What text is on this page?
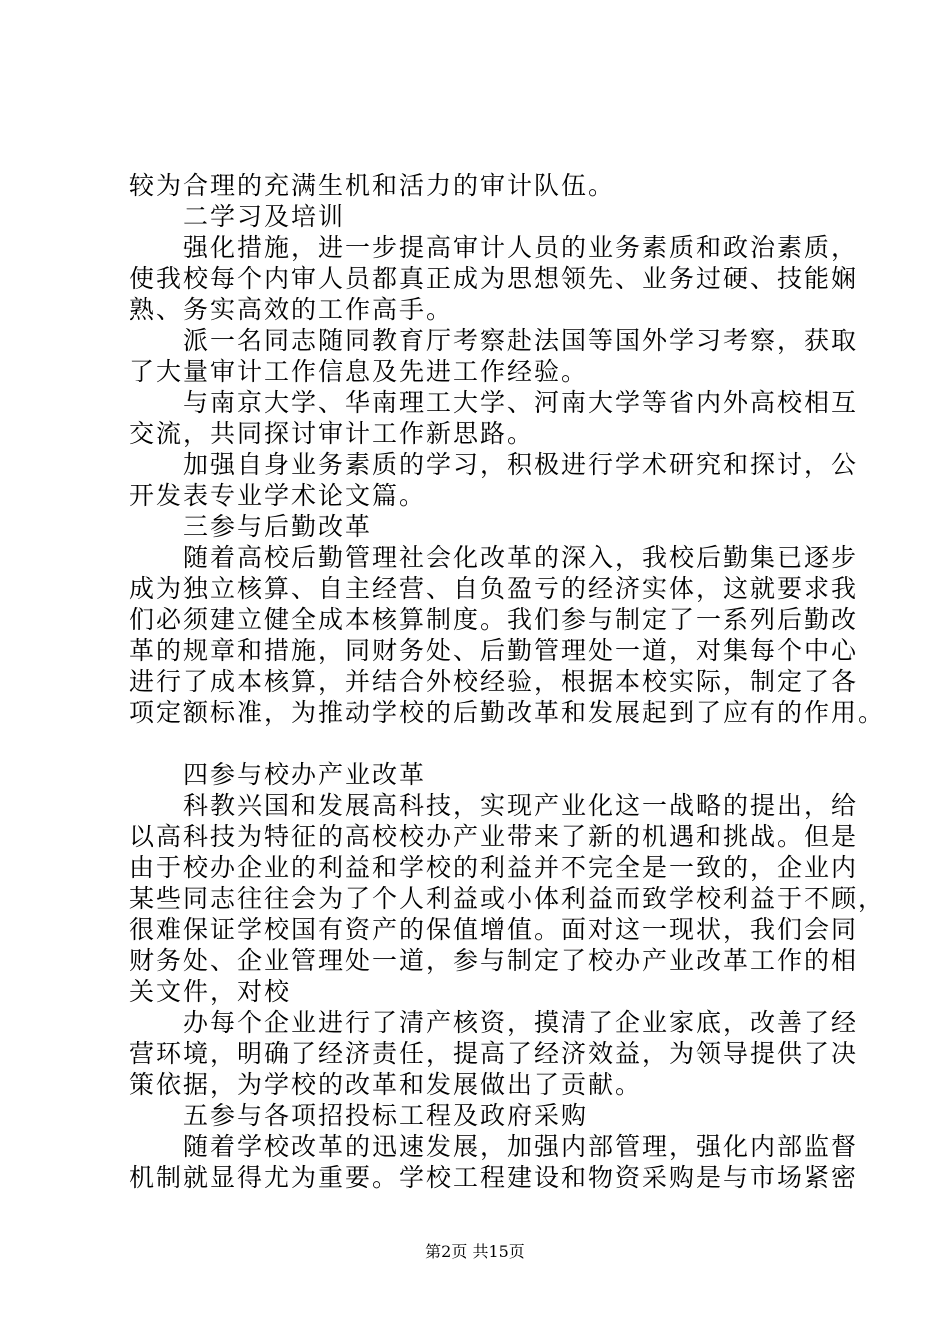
较为合理的充满生机和活力的审计队伍。
　　二学习及培训
　　强化措施，进一步提高审计人员的业务素质和政治素质，
使我校每个内审人员都真正成为思想领先、业务过硬、技能娴
熟、务实高效的工作高手。
　　派一名同志随同教育厅考察赴法国等国外学习考察，获取
了大量审计工作信息及先进工作经验。
　　与南京大学、华南理工大学、河南大学等省内外高校相互
交流，共同探讨审计工作新思路。
　　加强自身业务素质的学习，积极进行学术研究和探讨，公
开发表专业学术论文篇。
　　三参与后勤改革
　　随着高校后勤管理社会化改革的深入，我校后勤集已逐步
成为独立核算、自主经营、自负盈亏的经济实体，这就要求我
们必须建立健全成本核算制度。我们参与制定了一系列后勤改
革的规章和措施，同财务处、后勤管理处一道，对集每个中心
进行了成本核算，并结合外校经验，根据本校实际，制定了各
项定额标准，为推动学校的后勤改革和发展起到了应有的作用。
　　四参与校办产业改革
　　科教兴国和发展高科技，实现产业化这一战略的提出，给
以高科技为特征的高校校办产业带来了新的机遇和挑战。但是
由于校办企业的利益和学校的利益并不完全是一致的，企业内
某些同志往往会为了个人利益或小体利益而致学校利益于不顾，
很难保证学校国有资产的保值增值。面对这一现状，我们会同
财务处、企业管理处一道，参与制定了校办产业改革工作的相
关文件，对校
　　办每个企业进行了清产核资，摸清了企业家底，改善了经
营环境，明确了经济责任，提高了经济效益，为领导提供了决
策依据，为学校的改革和发展做出了贡献。
　　五参与各项招投标工程及政府采购
　　随着学校改革的迅速发展，加强内部管理，强化内部监督
机制就显得尤为重要。学校工程建设和物资采购是与市场紧密
第2页 共15页
